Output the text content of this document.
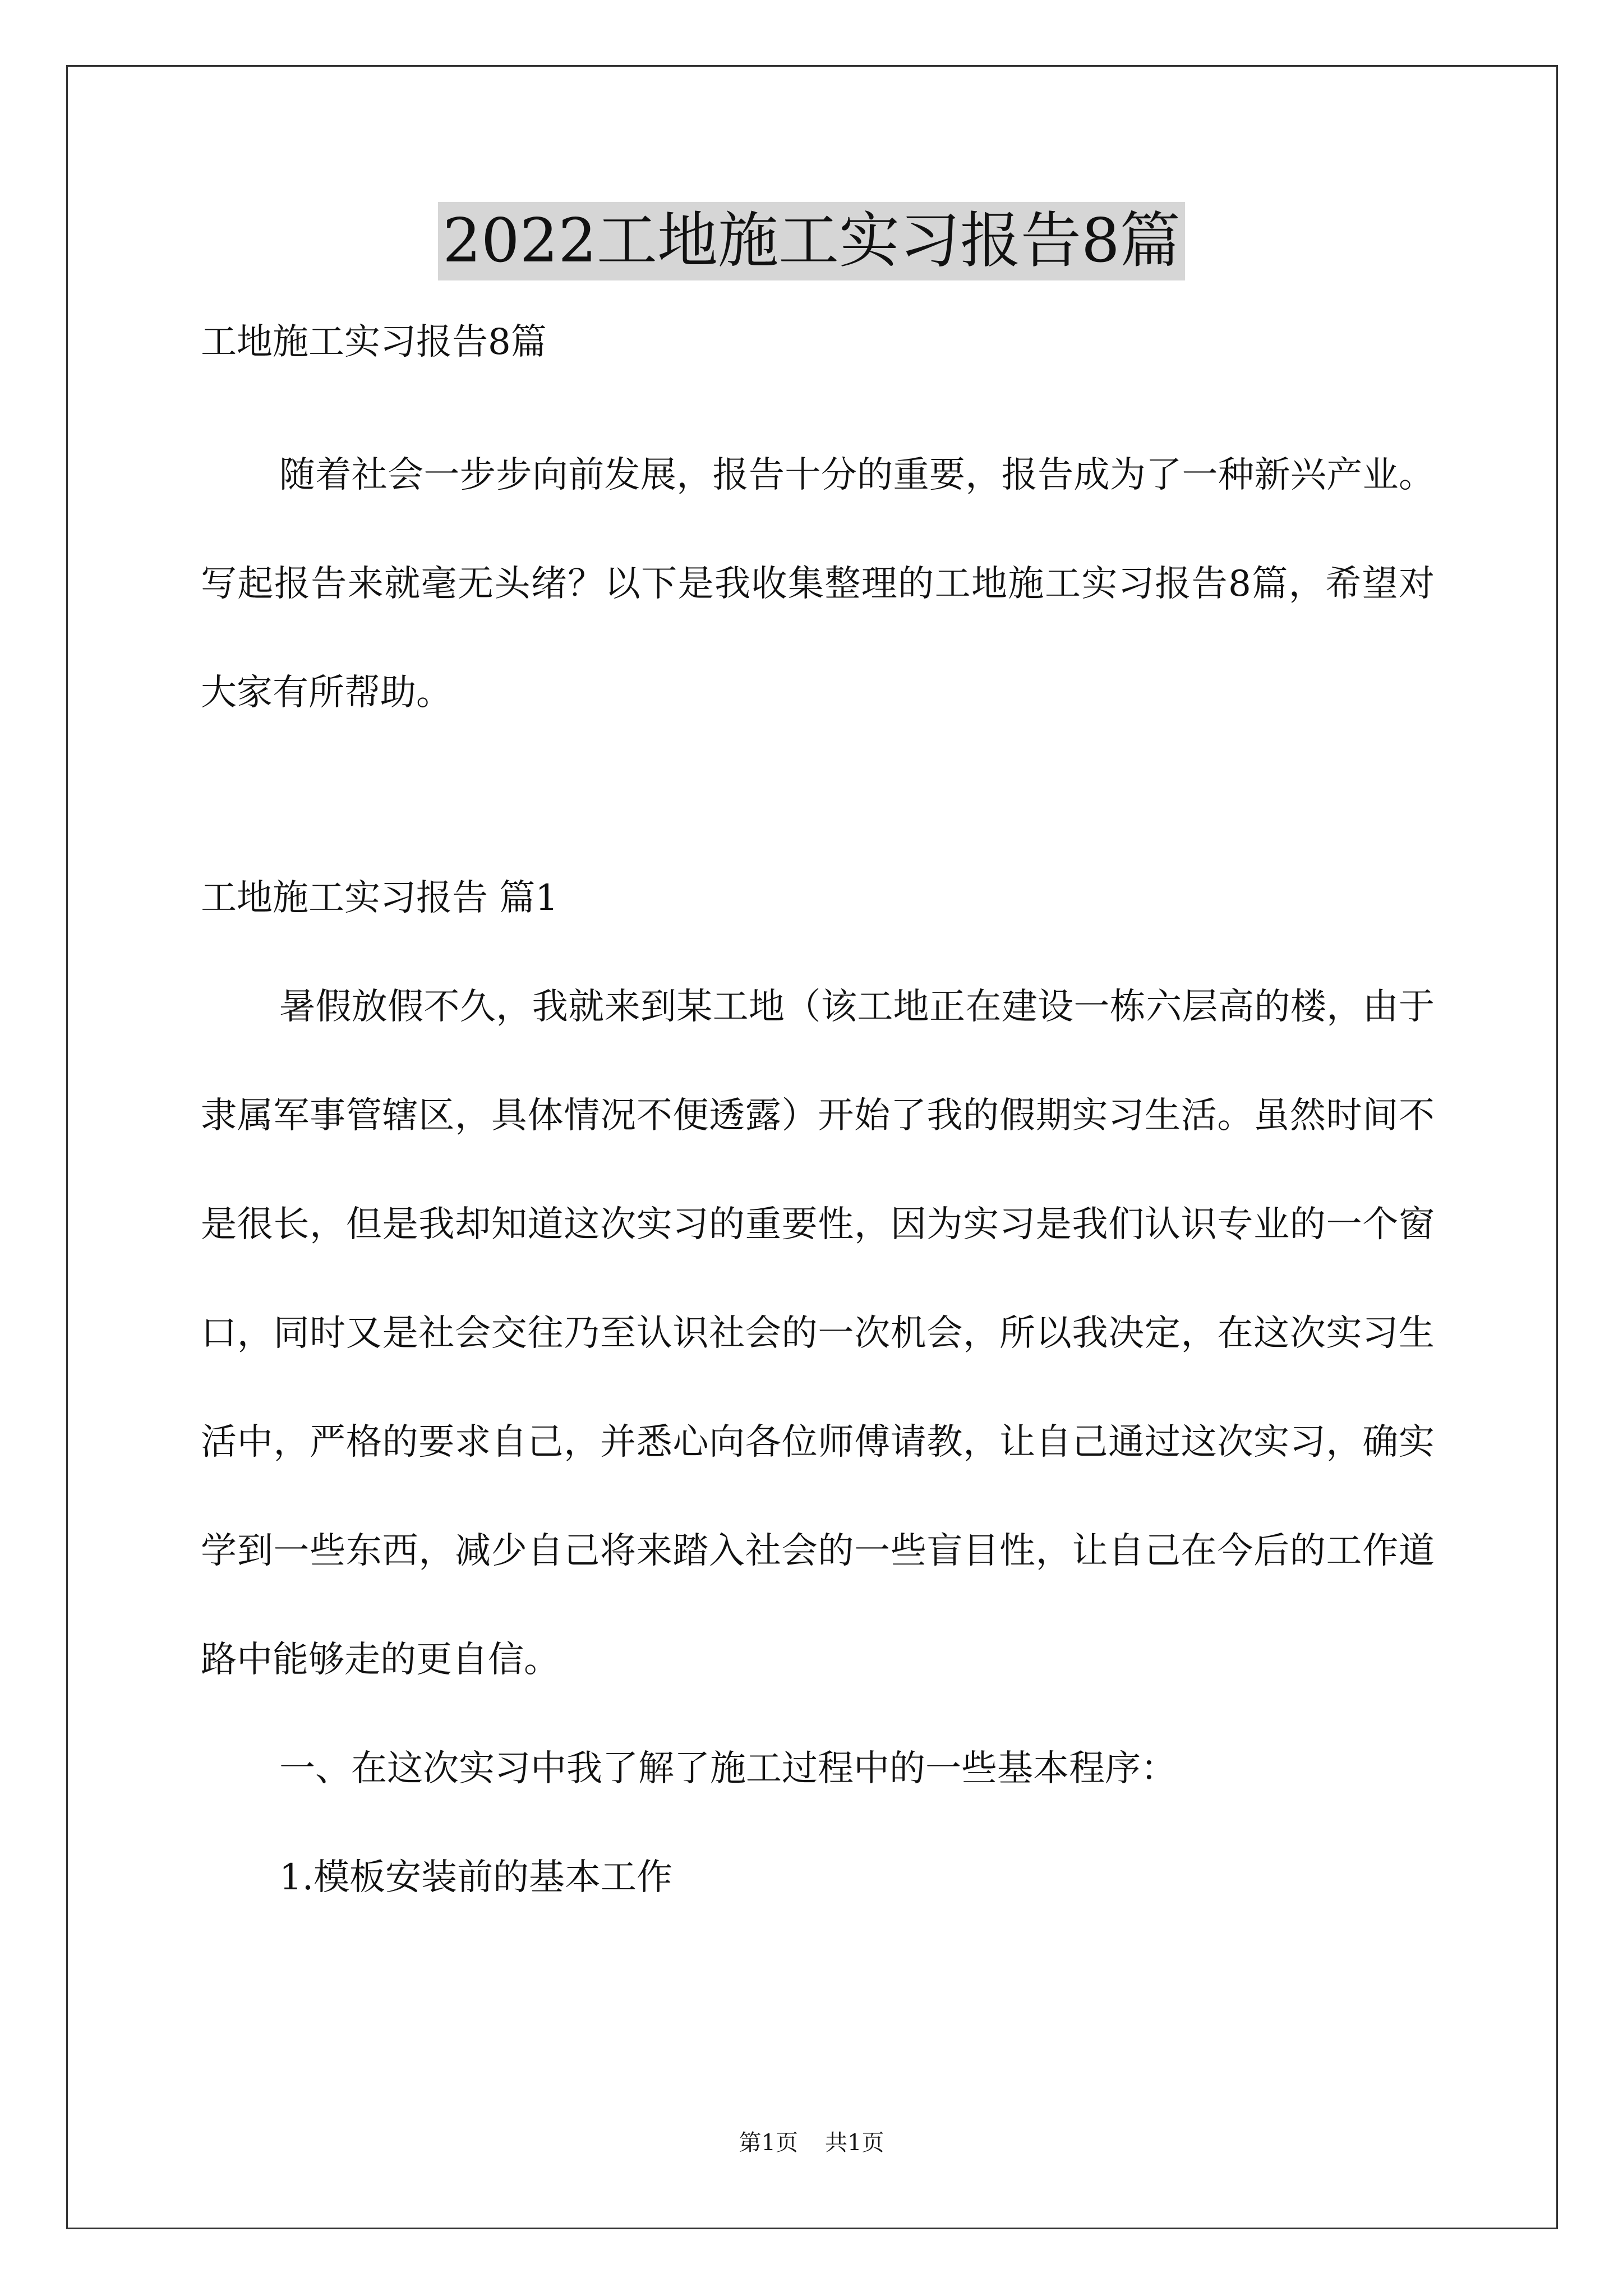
2022工地施工实习报告8篇

工地施工实习报告8篇

随着社会一步步向前发展，报告十分的重要，报告成为了一种新兴产业。写起报告来就毫无头绪？以下是我收集整理的工地施工实习报告8篇，希望对大家有所帮助。

工地施工实习报告 篇1

暑假放假不久，我就来到某工地（该工地正在建设一栋六层高的楼，由于隶属军事管辖区，具体情况不便透露）开始了我的假期实习生活。虽然时间不是很长，但是我却知道这次实习的重要性，因为实习是我们认识专业的一个窗口，同时又是社会交往乃至认识社会的一次机会，所以我决定，在这次实习生活中，严格的要求自己，并悉心向各位师傅请教，让自己通过这次实习，确实学到一些东西，减少自己将来踏入社会的一些盲目性，让自己在今后的工作道路中能够走的更自信。

一、在这次实习中我了解了施工过程中的一些基本程序：

1.模板安装前的基本工作

第1页 共1页
